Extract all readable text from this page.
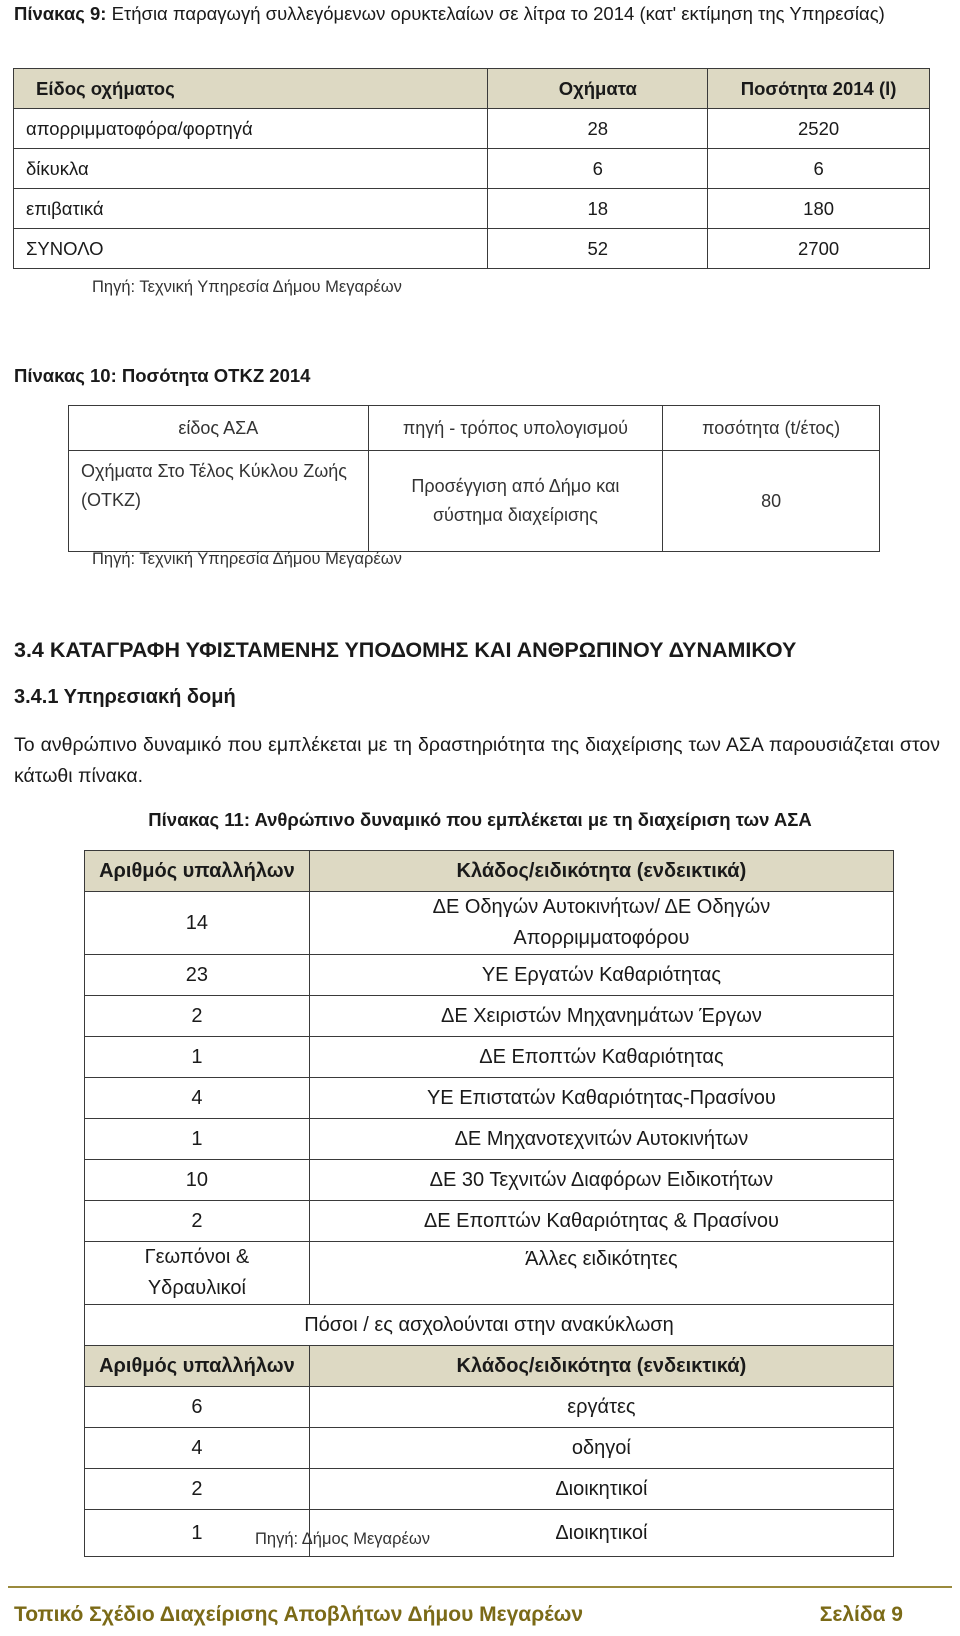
Πίνακας 9: Ετήσια παραγωγή συλλεγόμενων ορυκτελαίων σε λίτρα το 2014 (κατ' εκτίμηση της Υπηρεσίας)
Είδος οχήματος	Οχήματα	Ποσότητα 2014 (l)
απορριμματοφόρα/φορτηγά	28	2520
δίκυκλα	6	6
επιβατικά	18	180
ΣΥΝΟΛΟ	52	2700
Πηγή: Τεχνική Υπηρεσία Δήμου Μεγαρέων
Πίνακας 10: Ποσότητα ΟΤΚΖ 2014
είδος ΑΣΑ	πηγή - τρόπος υπολογισμού	ποσότητα (t/έτος)
Οχήματα Στο Τέλος Κύκλου Ζωής (ΟΤΚΖ)	Προσέγγιση από Δήμο και σύστημα διαχείρισης	80
Πηγή: Τεχνική Υπηρεσία Δήμου Μεγαρέων
3.4 ΚΑΤΑΓΡΑΦΗ ΥΦΙΣΤΑΜΕΝΗΣ ΥΠΟΔΟΜΗΣ ΚΑΙ ΑΝΘΡΩΠΙΝΟΥ ΔΥΝΑΜΙΚΟΥ
3.4.1 Υπηρεσιακή δομή
Το ανθρώπινο δυναμικό που εμπλέκεται με τη δραστηριότητα της διαχείρισης των ΑΣΑ παρουσιάζεται στον κάτωθι πίνακα.
Πίνακας 11: Ανθρώπινο δυναμικό που εμπλέκεται με τη διαχείριση των ΑΣΑ
Αριθμός υπαλλήλων	Κλάδος/ειδικότητα (ενδεικτικά)
14	ΔΕ Οδηγών Αυτοκινήτων/ ΔΕ Οδηγών Απορριμματοφόρου
23	ΥΕ Εργατών Καθαριότητας
2	ΔΕ Χειριστών Μηχανημάτων Έργων
1	ΔΕ Εποπτών Καθαριότητας
4	ΥΕ Επιστατών Καθαριότητας-Πρασίνου
1	ΔΕ Μηχανοτεχνιτών Αυτοκινήτων
10	ΔΕ 30 Τεχνιτών Διαφόρων Ειδικοτήτων
2	ΔΕ Εποπτών Καθαριότητας & Πρασίνου
Γεωπόνοι & Υδραυλικοί	Άλλες ειδικότητες
Πόσοι / ες ασχολούνται στην ανακύκλωση	
Αριθμός υπαλλήλων	Κλάδος/ειδικότητα (ενδεικτικά)
6	εργάτες
4	οδηγοί
2	Διοικητικοί
1	Διοικητικοί
Πηγή: Δήμος Μεγαρέων
Τοπικό Σχέδιο Διαχείρισης Αποβλήτων Δήμου Μεγαρέων	Σελίδα 9
